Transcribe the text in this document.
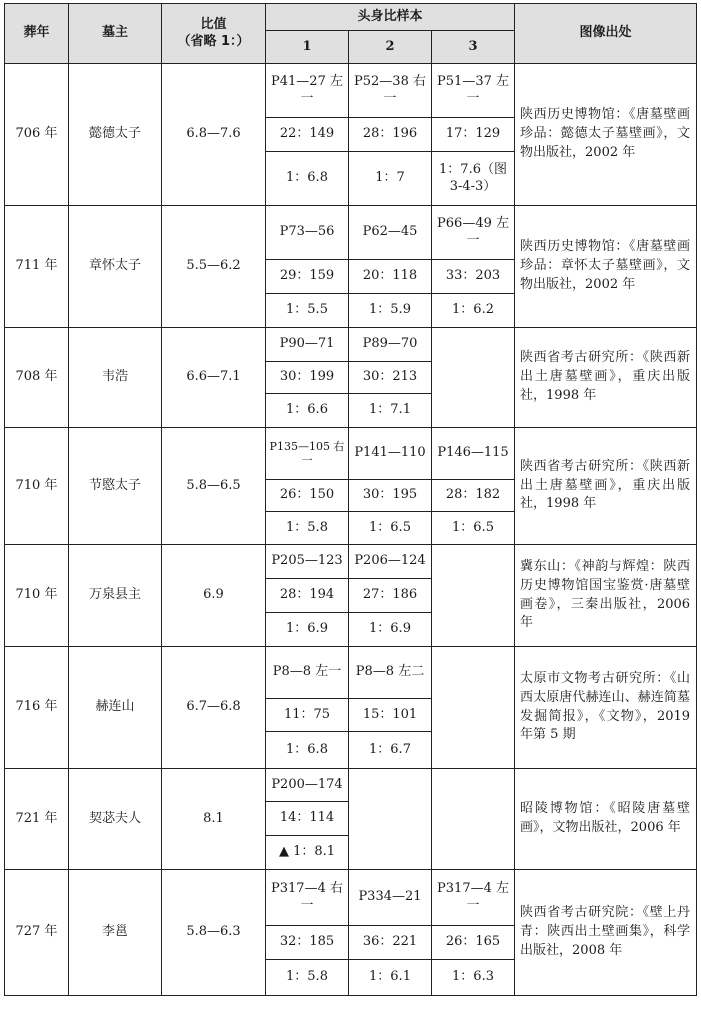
葬年	墓主	比值
（省略 1：）	头身比样本			图像出处
			1	2	3	
706 年	懿德太子	6.8—7.6	P41—27 左一	P52—38 右一	P51—37 左一	陕西历史博物馆：《唐墓壁画珍品：懿德太子墓壁画》，文物出版社，2002 年
			22：149	28：196	17：129	
			1：6.8	1：7	1：7.6（图 3-4-3）	
711 年	章怀太子	5.5—6.2	P73—56	P62—45	P66—49 左一	陕西历史博物馆：《唐墓壁画珍品：章怀太子墓壁画》，文物出版社，2002 年
			29：159	20：118	33：203	
			1：5.5	1：5.9	1：6.2	
708 年	韦浩	6.6—7.1	P90—71	P89—70		陕西省考古研究所：《陕西新出土唐墓壁画》，重庆出版社，1998 年
			30：199	30：213		
			1：6.6	1：7.1		
710 年	节愍太子	5.8—6.5	P135—105 右一	P141—110	P146—115	陕西省考古研究所：《陕西新出土唐墓壁画》，重庆出版社，1998 年
			26：150	30：195	28：182	
			1：5.8	1：6.5	1：6.5	
710 年	万泉县主	6.9	P205—123	P206—124		冀东山：《神韵与辉煌：陕西历史博物馆国宝鉴赏·唐墓壁画卷》，三秦出版社，2006 年
			28：194	27：186		
			1：6.9	1：6.9		
716 年	赫连山	6.7—6.8	P8—8 左一	P8—8 左二		太原市文物考古研究所：《山西太原唐代赫连山、赫连简墓发掘简报》，《文物》，2019 年第 5 期
			11：75	15：101		
			1：6.8	1：6.7		
721 年	契苾夫人	8.1	P200—174			昭陵博物馆：《昭陵唐墓壁画》，文物出版社，2006 年
			14：114			
			▲ 1：8.1			
727 年	李邕	5.8—6.3	P317—4 右一	P334—21	P317—4 左一	陕西省考古研究院：《壁上丹青：陕西出土壁画集》，科学出版社，2008 年
			32：185	36：221	26：165	
			1：5.8	1：6.1	1：6.3	
